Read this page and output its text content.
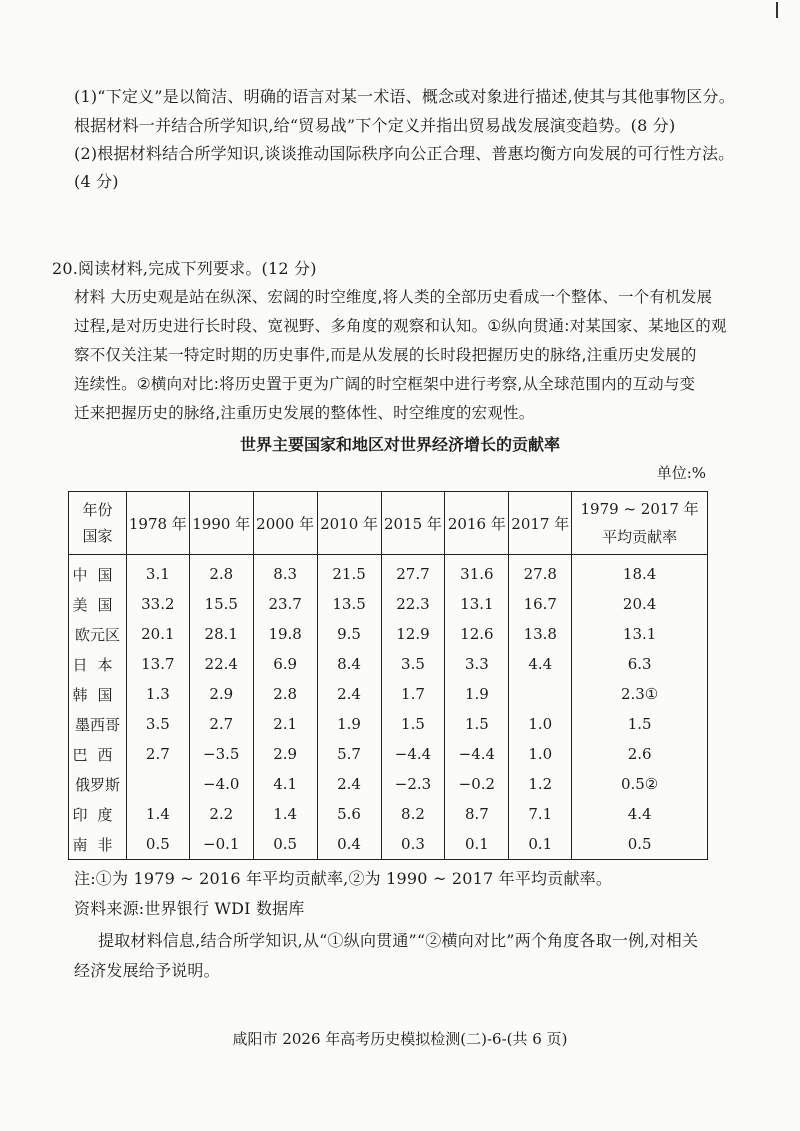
(1)“下定义”是以简洁、明确的语言对某一术语、概念或对象进行描述,使其与其他事物区分。
根据材料一并结合所学知识,给“贸易战”下个定义并指出贸易战发展演变趋势。(8 分)
(2)根据材料结合所学知识,谈谈推动国际秩序向公正合理、普惠均衡方向发展的可行性方法。
(4 分)
20.阅读材料,完成下列要求。(12 分)
材料 大历史观是站在纵深、宏阔的时空维度,将人类的全部历史看成一个整体、一个有机发展
过程,是对历史进行长时段、宽视野、多角度的观察和认知。①纵向贯通:对某国家、某地区的观
察不仅关注某一特定时期的历史事件,而是从发展的长时段把握历史的脉络,注重历史发展的
连续性。②横向对比:将历史置于更为广阔的时空框架中进行考察,从全球范围内的互动与变
迁来把握历史的脉络,注重历史发展的整体性、时空维度的宏观性。
世界主要国家和地区对世界经济增长的贡献率
单位:%
年份
国家	1978 年	1990 年	2000 年	2010 年	2015 年	2016 年	2017 年	1979 ~ 2017 年
平均贡献率

中国	3.1	2.8	8.3	21.5	27.7	31.6	27.8	18.4
美国	33.2	15.5	23.7	13.5	22.3	13.1	16.7	20.4
欧元区	20.1	28.1	19.8	9.5	12.9	12.6	13.8	13.1
日本	13.7	22.4	6.9	8.4	3.5	3.3	4.4	6.3
韩国	1.3	2.9	2.8	2.4	1.7	1.9		2.3①
墨西哥	3.5	2.7	2.1	1.9	1.5	1.5	1.0	1.5
巴西	2.7	−3.5	2.9	5.7	−4.4	−4.4	1.0	2.6
俄罗斯		−4.0	4.1	2.4	−2.3	−0.2	1.2	0.5②
印度	1.4	2.2	1.4	5.6	8.2	8.7	7.1	4.4
南非	0.5	−0.1	0.5	0.4	0.3	0.1	0.1	0.5
注:①为 1979 ~ 2016 年平均贡献率,②为 1990 ~ 2017 年平均贡献率。
资料来源:世界银行 WDI 数据库
提取材料信息,结合所学知识,从“①纵向贯通”“②横向对比”两个角度各取一例,对相关
经济发展给予说明。
咸阳市 2026 年高考历史模拟检测(二)-6-(共 6 页)
